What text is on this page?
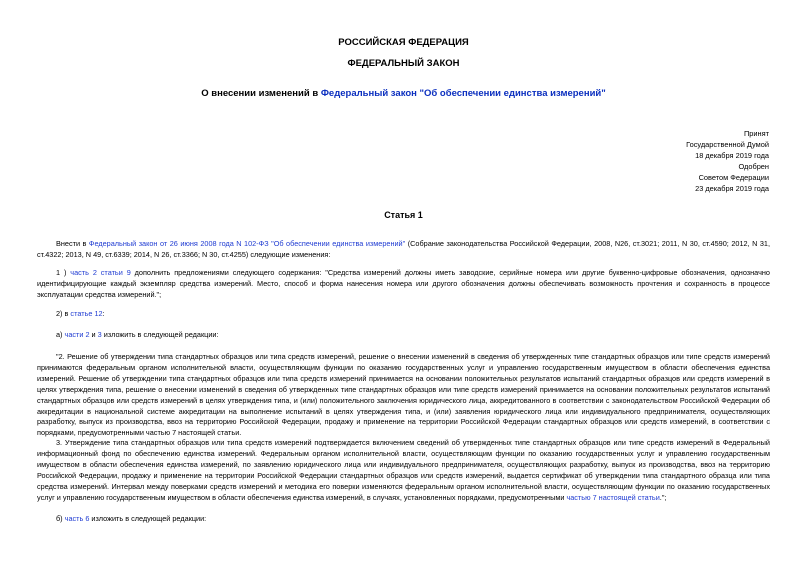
РОССИЙСКАЯ ФЕДЕРАЦИЯ
ФЕДЕРАЛЬНЫЙ ЗАКОН
О внесении изменений в Федеральный закон "Об обеспечении единства измерений"
Принят
Государственной Думой
18 декабря 2019 года
Одобрен
Советом Федерации
23 декабря 2019 года
Статья 1

Внести в Федеральный закон от 26 июня 2008 года N 102-ФЗ "Об обеспечении единства измерений" (Собрание законодательства Российской Федерации, 2008, N26, ст.3021; 2011, N 30, ст.4590; 2012, N 31, ст.4322; 2013, N 49, ст.6339; 2014, N 26, ст.3366; N 30, ст.4255) следующие изменения:

1 ) часть 2 статьи 9 дополнить предложениями следующего содержания: "Средства измерений должны иметь заводские, серийные номера или другие буквенно-цифровые обозначения, однозначно идентифицирующие каждый экземпляр средства измерений. Место, способ и форма нанесения номера или другого обозначения должны обеспечивать возможность прочтения и сохранность в процессе эксплуатации средства измерений.";

2) в статье 12:

а) части 2 и 3 изложить в следующей редакции:

"2. Решение об утверждении типа стандартных образцов или типа средств измерений, решение о внесении изменений в сведения об утвержденных типе стандартных образцов или типе средств измерений принимаются федеральным органом исполнительной власти, осуществляющим функции по оказанию государственных услуг и управлению государственным имуществом в области обеспечения единства измерений. Решение об утверждении типа стандартных образцов или типа средств измерений принимается на основании положительных результатов испытаний стандартных образцов или средств измерений в целях утверждения типа, решение о внесении изменений в сведения об утвержденных типе стандартных образцов или типе средств измерений принимается на основании положительных результатов испытаний стандартных образцов или средств измерений в целях утверждения типа, и (или) положительного заключения юридического лица, аккредитованного в соответствии с законодательством Российской Федерации об аккредитации в национальной системе аккредитации на выполнение испытаний в целях утверждения типа, и (или) заявления юридического лица или индивидуального предпринимателя, осуществляющих разработку, выпуск из производства, ввоз на территорию Российской Федерации, продажу и применение на территории Российской Федерации стандартных образцов или средств измерений, в соответствии с порядками, предусмотренными частью 7 настоящей статьи.

3. Утверждение типа стандартных образцов или типа средств измерений подтверждается включением сведений об утвержденных типе стандартных образцов или типе средств измерений в Федеральный информационный фонд по обеспечению единства измерений. Федеральным органом исполнительной власти, осуществляющим функции по оказанию государственных услуг и управлению государственным имуществом в области обеспечения единства измерений, по заявлению юридического лица или индивидуального предпринимателя, осуществляющих разработку, выпуск из производства, ввоз на территорию Российской Федерации, продажу и применение на территории Российской Федерации стандартных образцов или средств измерений, выдается сертификат об утверждении типа стандартного образца или типа средства измерений. Интервал между поверками средств измерений и методика его поверки изменяются федеральным органом исполнительной власти, осуществляющим функции по оказанию государственных услуг и управлению государственным имуществом в области обеспечения единства измерений, в случаях, установленных порядками, предусмотренными частью 7 настоящей статьи.";

б) часть 6 изложить в следующей редакции:
